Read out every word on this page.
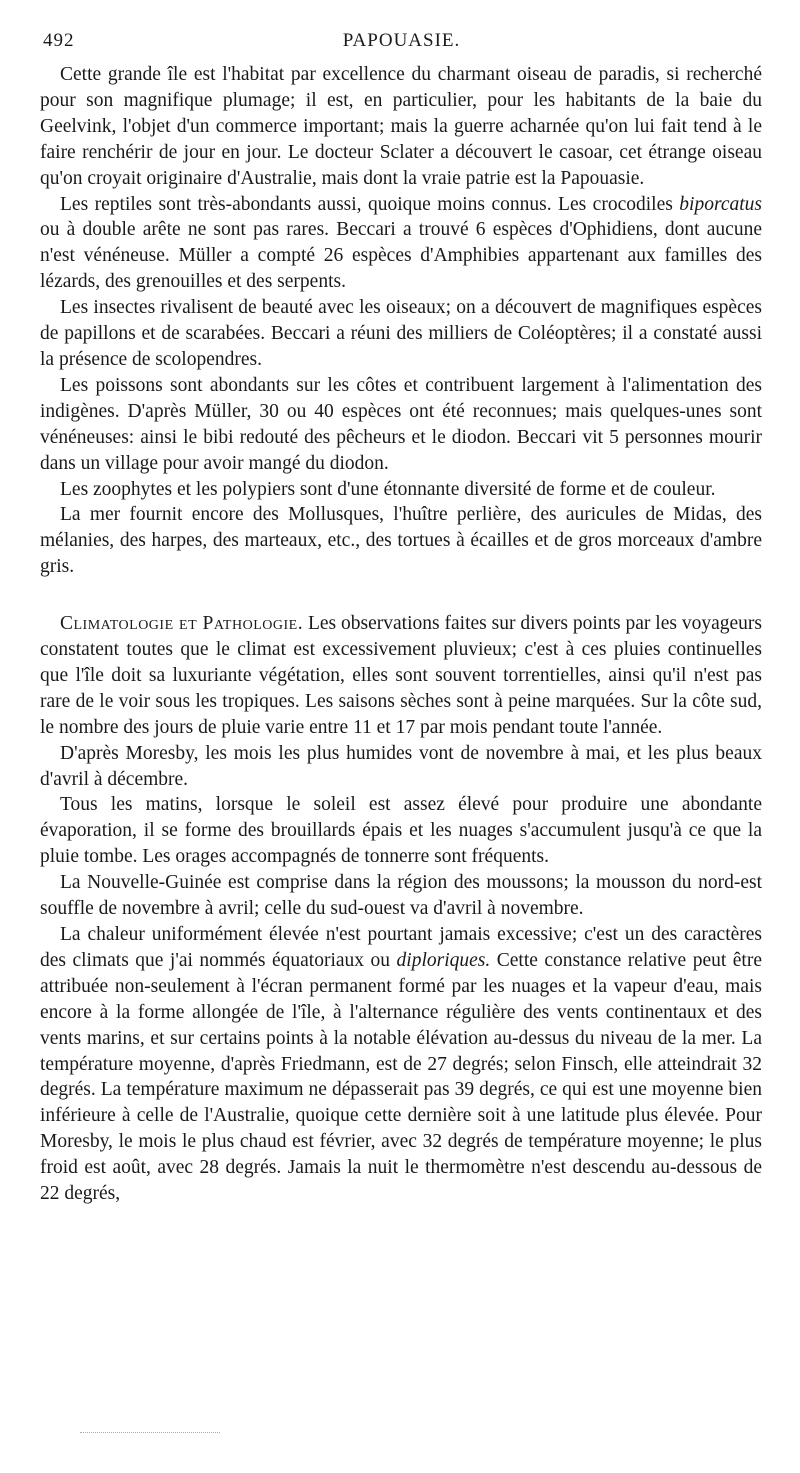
492	PAPOUASIE.

Cette grande île est l'habitat par excellence du charmant oiseau de paradis, si recherché pour son magnifique plumage; il est, en particulier, pour les habitants de la baie du Geelvink, l'objet d'un commerce important; mais la guerre acharnée qu'on lui fait tend à le faire renchérir de jour en jour. Le docteur Sclater a découvert le casoar, cet étrange oiseau qu'on croyait originaire d'Australie, mais dont la vraie patrie est la Papouasie.

Les reptiles sont très-abondants aussi, quoique moins connus. Les crocodiles biporcatus ou à double arête ne sont pas rares. Beccari a trouvé 6 espèces d'Ophidiens, dont aucune n'est vénéneuse. Müller a compté 26 espèces d'Amphibies appartenant aux familles des lézards, des grenouilles et des serpents.

Les insectes rivalisent de beauté avec les oiseaux; on a découvert de magnifiques espèces de papillons et de scarabées. Beccari a réuni des milliers de Coléoptères; il a constaté aussi la présence de scolopendres.

Les poissons sont abondants sur les côtes et contribuent largement à l'alimentation des indigènes. D'après Müller, 30 ou 40 espèces ont été reconnues; mais quelques-unes sont vénéneuses: ainsi le bibi redouté des pêcheurs et le diodon. Beccari vit 5 personnes mourir dans un village pour avoir mangé du diodon.

Les zoophytes et les polypiers sont d'une étonnante diversité de forme et de couleur.

La mer fournit encore des Mollusques, l'huître perlière, des auricules de Midas, des mélanies, des harpes, des marteaux, etc., des tortues à écailles et de gros morceaux d'ambre gris.

Climatologie et Pathologie. Les observations faites sur divers points par les voyageurs constatent toutes que le climat est excessivement pluvieux; c'est à ces pluies continuelles que l'île doit sa luxuriante végétation, elles sont souvent torrentielles, ainsi qu'il n'est pas rare de le voir sous les tropiques. Les saisons sèches sont à peine marquées. Sur la côte sud, le nombre des jours de pluie varie entre 11 et 17 par mois pendant toute l'année.

D'après Moresby, les mois les plus humides vont de novembre à mai, et les plus beaux d'avril à décembre.

Tous les matins, lorsque le soleil est assez élevé pour produire une abondante évaporation, il se forme des brouillards épais et les nuages s'accumulent jusqu'à ce que la pluie tombe. Les orages accompagnés de tonnerre sont fréquents.

La Nouvelle-Guinée est comprise dans la région des moussons; la mousson du nord-est souffle de novembre à avril; celle du sud-ouest va d'avril à novembre.

La chaleur uniformément élevée n'est pourtant jamais excessive; c'est un des caractères des climats que j'ai nommés équatoriaux ou diploriques. Cette constance relative peut être attribuée non-seulement à l'écran permanent formé par les nuages et la vapeur d'eau, mais encore à la forme allongée de l'île, à l'alternance régulière des vents continentaux et des vents marins, et sur certains points à la notable élévation au-dessus du niveau de la mer. La température moyenne, d'après Friedmann, est de 27 degrés; selon Finsch, elle atteindrait 32 degrés. La température maximum ne dépasserait pas 39 degrés, ce qui est une moyenne bien inférieure à celle de l'Australie, quoique cette dernière soit à une latitude plus élevée. Pour Moresby, le mois le plus chaud est février, avec 32 degrés de température moyenne; le plus froid est août, avec 28 degrés. Jamais la nuit le thermomètre n'est descendu au-dessous de 22 degrés,
